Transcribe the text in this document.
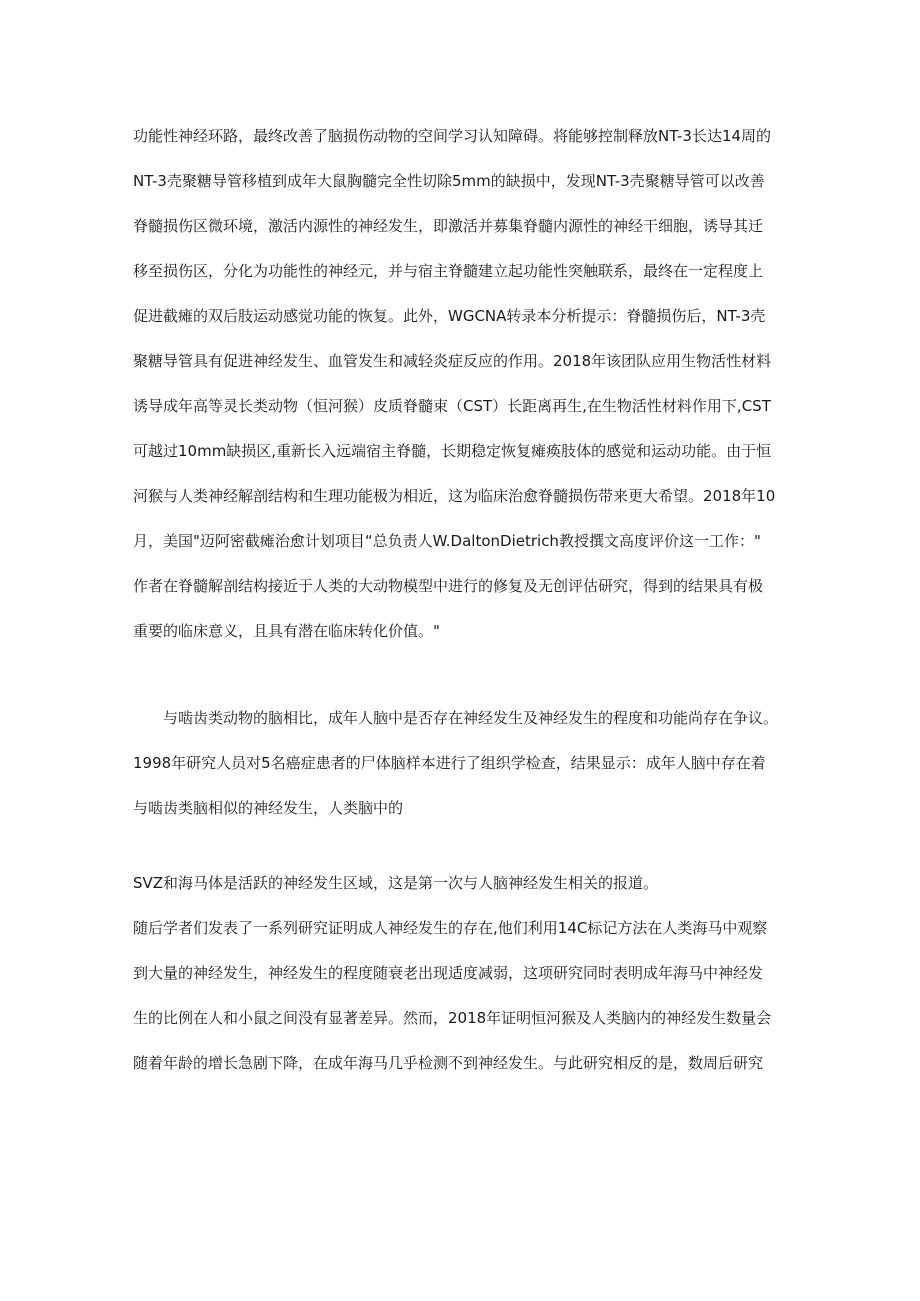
功能性神经环路，最终改善了脑损伤动物的空间学习认知障碍。将能够控制释放NT-3长达14周的
NT-3壳聚糖导管移植到成年大鼠胸髓完全性切除5mm的缺损中，发现NT-3壳聚糖导管可以改善
脊髓损伤区微环境，激活内源性的神经发生，即激活并募集脊髓内源性的神经干细胞，诱导其迁
移至损伤区，分化为功能性的神经元，并与宿主脊髓建立起功能性突触联系，最终在一定程度上
促进截瘫的双后肢运动感觉功能的恢复。此外，WGCNA转录本分析提示：脊髓损伤后，NT-3壳
聚糖导管具有促进神经发生、血管发生和减轻炎症反应的作用。2018年该团队应用生物活性材料
诱导成年高等灵长类动物（恒河猴）皮质脊髓束（CST）长距离再生,在生物活性材料作用下,CST
可越过10mm缺损区,重新长入远端宿主脊髓，长期稳定恢复瘫痪肢体的感觉和运动功能。由于恒
河猴与人类神经解剖结构和生理功能极为相近，这为临床治愈脊髓损伤带来更大希望。2018年10
月，美国"迈阿密截瘫治愈计划项目“总负责人W.DaltonDietrich教授撰文高度评价这一工作："
作者在脊髓解剖结构接近于人类的大动物模型中进行的修复及无创评估研究，得到的结果具有极
重要的临床意义，且具有潜在临床转化价值。"
与啮齿类动物的脑相比，成年人脑中是否存在神经发生及神经发生的程度和功能尚存在争议。
1998年研究人员对5名癌症患者的尸体脑样本进行了组织学检查，结果显示：成年人脑中存在着
与啮齿类脑相似的神经发生，人类脑中的
SVZ和海马体是活跃的神经发生区域，这是第一次与人脑神经发生相关的报道。
随后学者们发表了一系列研究证明成人神经发生的存在,他们利用14C标记方法在人类海马中观察
到大量的神经发生，神经发生的程度随衰老出现适度减弱，这项研究同时表明成年海马中神经发
生的比例在人和小鼠之间没有显著差异。然而，2018年证明恒河猴及人类脑内的神经发生数量会
随着年龄的增长急剧下降，在成年海马几乎检测不到神经发生。与此研究相反的是，数周后研究
